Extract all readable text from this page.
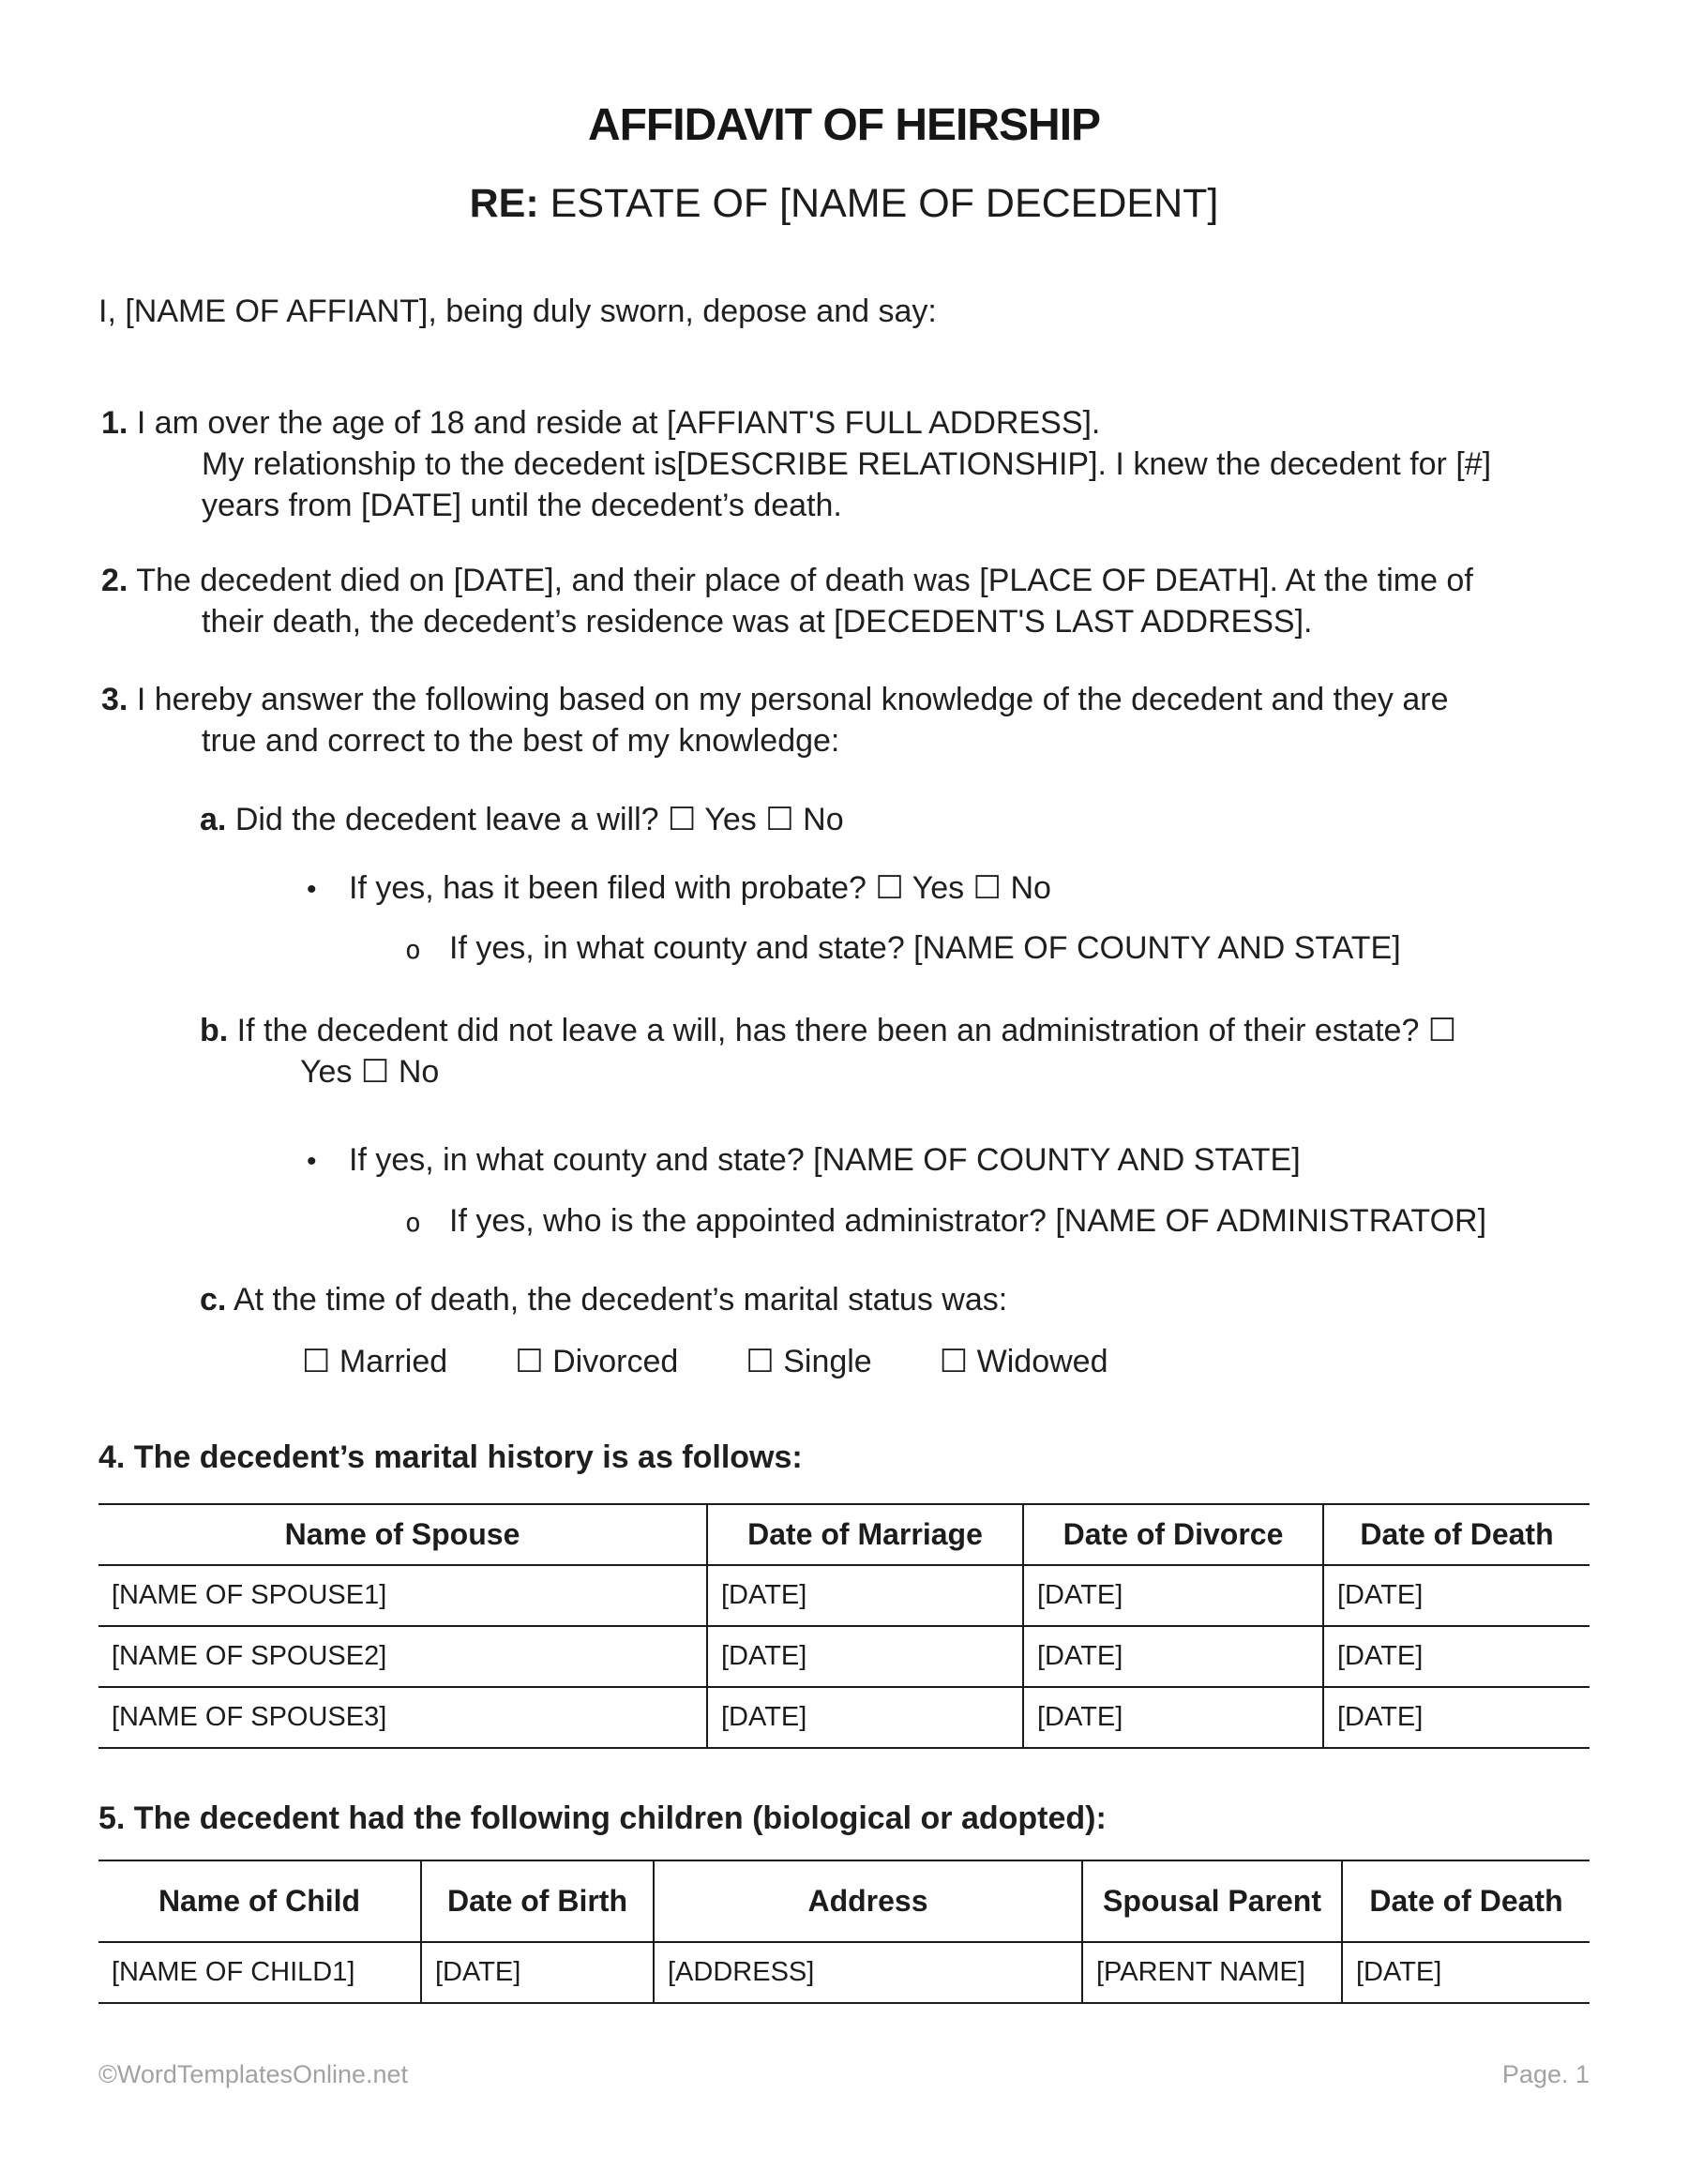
AFFIDAVIT OF HEIRSHIP
RE: ESTATE OF [NAME OF DECEDENT]
I, [NAME OF AFFIANT], being duly sworn, depose and say:
1. I am over the age of 18 and reside at [AFFIANT'S FULL ADDRESS].
My relationship to the decedent is[DESCRIBE RELATIONSHIP]. I knew the decedent for [#]
years from [DATE] until the decedent’s death.
2. The decedent died on [DATE], and their place of death was [PLACE OF DEATH]. At the time of
their death, the decedent’s residence was at [DECEDENT'S LAST ADDRESS].
3. I hereby answer the following based on my personal knowledge of the decedent and they are
true and correct to the best of my knowledge:
a. Did the decedent leave a will? ☐ Yes ☐ No
• If yes, has it been filed with probate? ☐ Yes ☐ No
o If yes, in what county and state? [NAME OF COUNTY AND STATE]
b. If the decedent did not leave a will, has there been an administration of their estate? ☐
Yes ☐ No
• If yes, in what county and state? [NAME OF COUNTY AND STATE]
o If yes, who is the appointed administrator? [NAME OF ADMINISTRATOR]
c. At the time of death, the decedent’s marital status was:
☐ Married ☐ Divorced ☐ Single ☐ Widowed
4. The decedent’s marital history is as follows:
Name of Spouse	Date of Marriage	Date of Divorce	Date of Death
[NAME OF SPOUSE1]	[DATE]	[DATE]	[DATE]
[NAME OF SPOUSE2]	[DATE]	[DATE]	[DATE]
[NAME OF SPOUSE3]	[DATE]	[DATE]	[DATE]
5. The decedent had the following children (biological or adopted):
Name of Child	Date of Birth	Address	Spousal Parent	Date of Death
[NAME OF CHILD1]	[DATE]	[ADDRESS]	[PARENT NAME]	[DATE]
©WordTemplatesOnline.net	Page. 1
